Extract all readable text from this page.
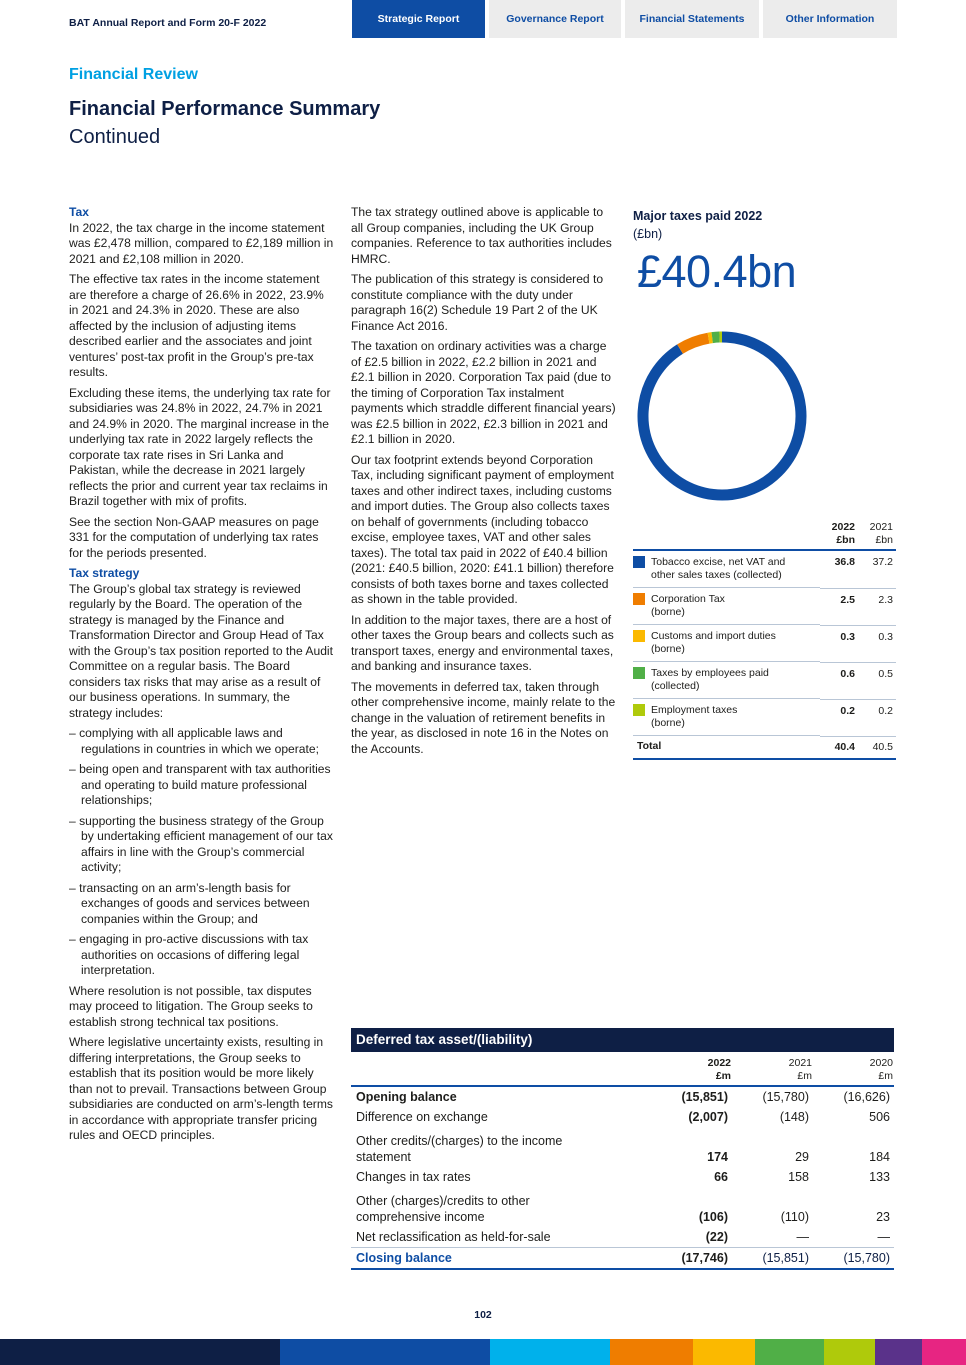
BAT Annual Report and Form 20-F 2022	Strategic Report	Governance Report	Financial Statements	Other Information
Financial Review
Financial Performance Summary
Continued
Tax

In 2022, the tax charge in the income statement was £2,478 million, compared to £2,189 million in 2021 and £2,108 million in 2020.

The effective tax rates in the income statement are therefore a charge of 26.6% in 2022, 23.9% in 2021 and 24.3% in 2020. These are also affected by the inclusion of adjusting items described earlier and the associates and joint ventures’ post-tax profit in the Group’s pre-tax results.

Excluding these items, the underlying tax rate for subsidiaries was 24.8% in 2022, 24.7% in 2021 and 24.9% in 2020. The marginal increase in the underlying tax rate in 2022 largely reflects the corporate tax rate rises in Sri Lanka and Pakistan, while the decrease in 2021 largely reflects the prior and current year tax reclaims in Brazil together with mix of profits.

See the section Non-GAAP measures on page 331 for the computation of underlying tax rates for the periods presented.

Tax strategy

The Group’s global tax strategy is reviewed regularly by the Board. The operation of the strategy is managed by the Finance and Transformation Director and Group Head of Tax with the Group’s tax position reported to the Audit Committee on a regular basis. The Board considers tax risks that may arise as a result of our business operations. In summary, the strategy includes:

– complying with all applicable laws and regulations in countries in which we operate;
– being open and transparent with tax authorities and operating to build mature professional relationships;
– supporting the business strategy of the Group by undertaking efficient management of our tax affairs in line with the Group’s commercial activity;
– transacting on an arm’s-length basis for exchanges of goods and services between companies within the Group; and
– engaging in pro-active discussions with tax authorities on occasions of differing legal interpretation.

Where resolution is not possible, tax disputes may proceed to litigation. The Group seeks to establish strong technical tax positions.

Where legislative uncertainty exists, resulting in differing interpretations, the Group seeks to establish that its position would be more likely than not to prevail. Transactions between Group subsidiaries are conducted on arm’s-length terms in accordance with appropriate transfer pricing rules and OECD principles.

The tax strategy outlined above is applicable to all Group companies, including the UK Group companies. Reference to tax authorities includes HMRC.

The publication of this strategy is considered to constitute compliance with the duty under paragraph 16(2) Schedule 19 Part 2 of the UK Finance Act 2016.

The taxation on ordinary activities was a charge of £2.5 billion in 2022, £2.2 billion in 2021 and £2.1 billion in 2020. Corporation Tax paid (due to the timing of Corporation Tax instalment payments which straddle different financial years) was £2.5 billion in 2022, £2.3 billion in 2021 and £2.1 billion in 2020.

Our tax footprint extends beyond Corporation Tax, including significant payment of employment taxes and other indirect taxes, including customs and import duties. The Group also collects taxes on behalf of governments (including tobacco excise, employee taxes, VAT and other sales taxes). The total tax paid in 2022 of £40.4 billion (2021: £40.5 billion, 2020: £41.1 billion) therefore consists of both taxes borne and taxes collected as shown in the table provided.

In addition to the major taxes, there are a host of other taxes the Group bears and collects such as transport taxes, energy and environmental taxes, and banking and insurance taxes.

The movements in deferred tax, taken through other comprehensive income, mainly relate to the change in the valuation of retirement benefits in the year, as disclosed in note 16 in the Notes on the Accounts.

Major taxes paid 2022
(£bn)
£40.4bn
	2022
£bn	2021
£bn

Tobacco excise, net VAT and
other sales taxes (collected)
36.8	37.2

Corporation Tax
(borne)
2.5	2.3

Customs and import duties
(borne)
0.3	0.3

Taxes by employees paid
(collected)
0.6	0.5

Employment taxes
(borne)
0.2	0.2
Total	40.4	40.5
Deferred tax asset/(liability)			
	2022
£m	2021
£m	2020
£m
Opening balance	(15,851)	(15,780)	(16,626)
Difference on exchange	(2,007)	(148)	506
Other credits/(charges) to the income
statement	174	29	184
Changes in tax rates	66	158	133
Other (charges)/credits to other
comprehensive income	(106)	(110)	23
Net reclassification as held-for-sale	(22)	—	—
Closing balance	(17,746)	(15,851)	(15,780)
102
